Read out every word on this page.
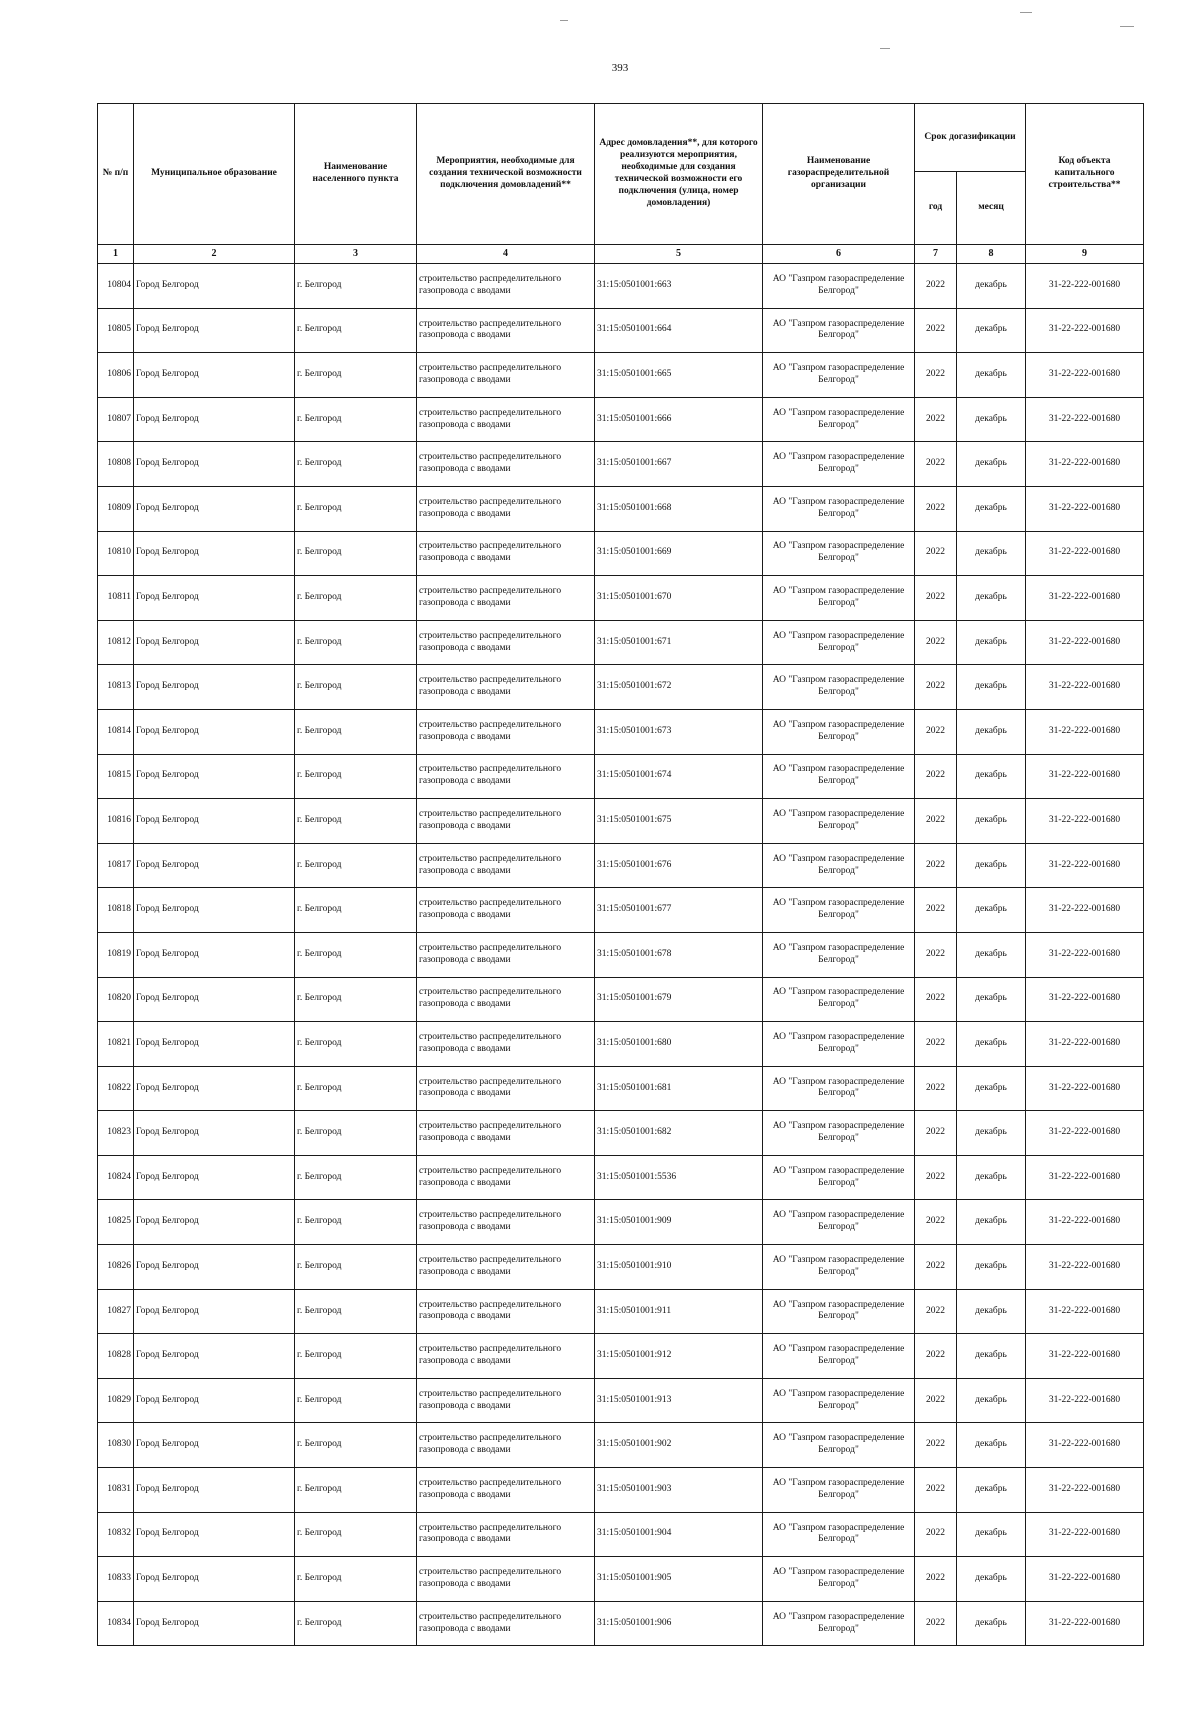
393
№ п/п	Муниципальное образование	Наименование населенного пункта	Мероприятия, необходимые для создания технической возможности подключения домовладений**	Адрес домовладения**, для которого реализуются мероприятия, необходимые для создания технической возможности его подключения (улица, номер домовладения)	Наименование газораспределительной организации	Срок догазификации		Код объекта капитального строительства**
						год	месяц	
1	2	3	4	5	6	7	8	9
10804	Город Белгород	г. Белгород	строительство распределительного газопровода с вводами	31:15:0501001:663	АО "Газпром газораспределение Белгород"	2022	декабрь	31-22-222-001680
10805	Город Белгород	г. Белгород	строительство распределительного газопровода с вводами	31:15:0501001:664	АО "Газпром газораспределение Белгород"	2022	декабрь	31-22-222-001680
10806	Город Белгород	г. Белгород	строительство распределительного газопровода с вводами	31:15:0501001:665	АО "Газпром газораспределение Белгород"	2022	декабрь	31-22-222-001680
10807	Город Белгород	г. Белгород	строительство распределительного газопровода с вводами	31:15:0501001:666	АО "Газпром газораспределение Белгород"	2022	декабрь	31-22-222-001680
10808	Город Белгород	г. Белгород	строительство распределительного газопровода с вводами	31:15:0501001:667	АО "Газпром газораспределение Белгород"	2022	декабрь	31-22-222-001680
10809	Город Белгород	г. Белгород	строительство распределительного газопровода с вводами	31:15:0501001:668	АО "Газпром газораспределение Белгород"	2022	декабрь	31-22-222-001680
10810	Город Белгород	г. Белгород	строительство распределительного газопровода с вводами	31:15:0501001:669	АО "Газпром газораспределение Белгород"	2022	декабрь	31-22-222-001680
10811	Город Белгород	г. Белгород	строительство распределительного газопровода с вводами	31:15:0501001:670	АО "Газпром газораспределение Белгород"	2022	декабрь	31-22-222-001680
10812	Город Белгород	г. Белгород	строительство распределительного газопровода с вводами	31:15:0501001:671	АО "Газпром газораспределение Белгород"	2022	декабрь	31-22-222-001680
10813	Город Белгород	г. Белгород	строительство распределительного газопровода с вводами	31:15:0501001:672	АО "Газпром газораспределение Белгород"	2022	декабрь	31-22-222-001680
10814	Город Белгород	г. Белгород	строительство распределительного газопровода с вводами	31:15:0501001:673	АО "Газпром газораспределение Белгород"	2022	декабрь	31-22-222-001680
10815	Город Белгород	г. Белгород	строительство распределительного газопровода с вводами	31:15:0501001:674	АО "Газпром газораспределение Белгород"	2022	декабрь	31-22-222-001680
10816	Город Белгород	г. Белгород	строительство распределительного газопровода с вводами	31:15:0501001:675	АО "Газпром газораспределение Белгород"	2022	декабрь	31-22-222-001680
10817	Город Белгород	г. Белгород	строительство распределительного газопровода с вводами	31:15:0501001:676	АО "Газпром газораспределение Белгород"	2022	декабрь	31-22-222-001680
10818	Город Белгород	г. Белгород	строительство распределительного газопровода с вводами	31:15:0501001:677	АО "Газпром газораспределение Белгород"	2022	декабрь	31-22-222-001680
10819	Город Белгород	г. Белгород	строительство распределительного газопровода с вводами	31:15:0501001:678	АО "Газпром газораспределение Белгород"	2022	декабрь	31-22-222-001680
10820	Город Белгород	г. Белгород	строительство распределительного газопровода с вводами	31:15:0501001:679	АО "Газпром газораспределение Белгород"	2022	декабрь	31-22-222-001680
10821	Город Белгород	г. Белгород	строительство распределительного газопровода с вводами	31:15:0501001:680	АО "Газпром газораспределение Белгород"	2022	декабрь	31-22-222-001680
10822	Город Белгород	г. Белгород	строительство распределительного газопровода с вводами	31:15:0501001:681	АО "Газпром газораспределение Белгород"	2022	декабрь	31-22-222-001680
10823	Город Белгород	г. Белгород	строительство распределительного газопровода с вводами	31:15:0501001:682	АО "Газпром газораспределение Белгород"	2022	декабрь	31-22-222-001680
10824	Город Белгород	г. Белгород	строительство распределительного газопровода с вводами	31:15:0501001:5536	АО "Газпром газораспределение Белгород"	2022	декабрь	31-22-222-001680
10825	Город Белгород	г. Белгород	строительство распределительного газопровода с вводами	31:15:0501001:909	АО "Газпром газораспределение Белгород"	2022	декабрь	31-22-222-001680
10826	Город Белгород	г. Белгород	строительство распределительного газопровода с вводами	31:15:0501001:910	АО "Газпром газораспределение Белгород"	2022	декабрь	31-22-222-001680
10827	Город Белгород	г. Белгород	строительство распределительного газопровода с вводами	31:15:0501001:911	АО "Газпром газораспределение Белгород"	2022	декабрь	31-22-222-001680
10828	Город Белгород	г. Белгород	строительство распределительного газопровода с вводами	31:15:0501001:912	АО "Газпром газораспределение Белгород"	2022	декабрь	31-22-222-001680
10829	Город Белгород	г. Белгород	строительство распределительного газопровода с вводами	31:15:0501001:913	АО "Газпром газораспределение Белгород"	2022	декабрь	31-22-222-001680
10830	Город Белгород	г. Белгород	строительство распределительного газопровода с вводами	31:15:0501001:902	АО "Газпром газораспределение Белгород"	2022	декабрь	31-22-222-001680
10831	Город Белгород	г. Белгород	строительство распределительного газопровода с вводами	31:15:0501001:903	АО "Газпром газораспределение Белгород"	2022	декабрь	31-22-222-001680
10832	Город Белгород	г. Белгород	строительство распределительного газопровода с вводами	31:15:0501001:904	АО "Газпром газораспределение Белгород"	2022	декабрь	31-22-222-001680
10833	Город Белгород	г. Белгород	строительство распределительного газопровода с вводами	31:15:0501001:905	АО "Газпром газораспределение Белгород"	2022	декабрь	31-22-222-001680
10834	Город Белгород	г. Белгород	строительство распределительного газопровода с вводами	31:15:0501001:906	АО "Газпром газораспределение Белгород"	2022	декабрь	31-22-222-001680
